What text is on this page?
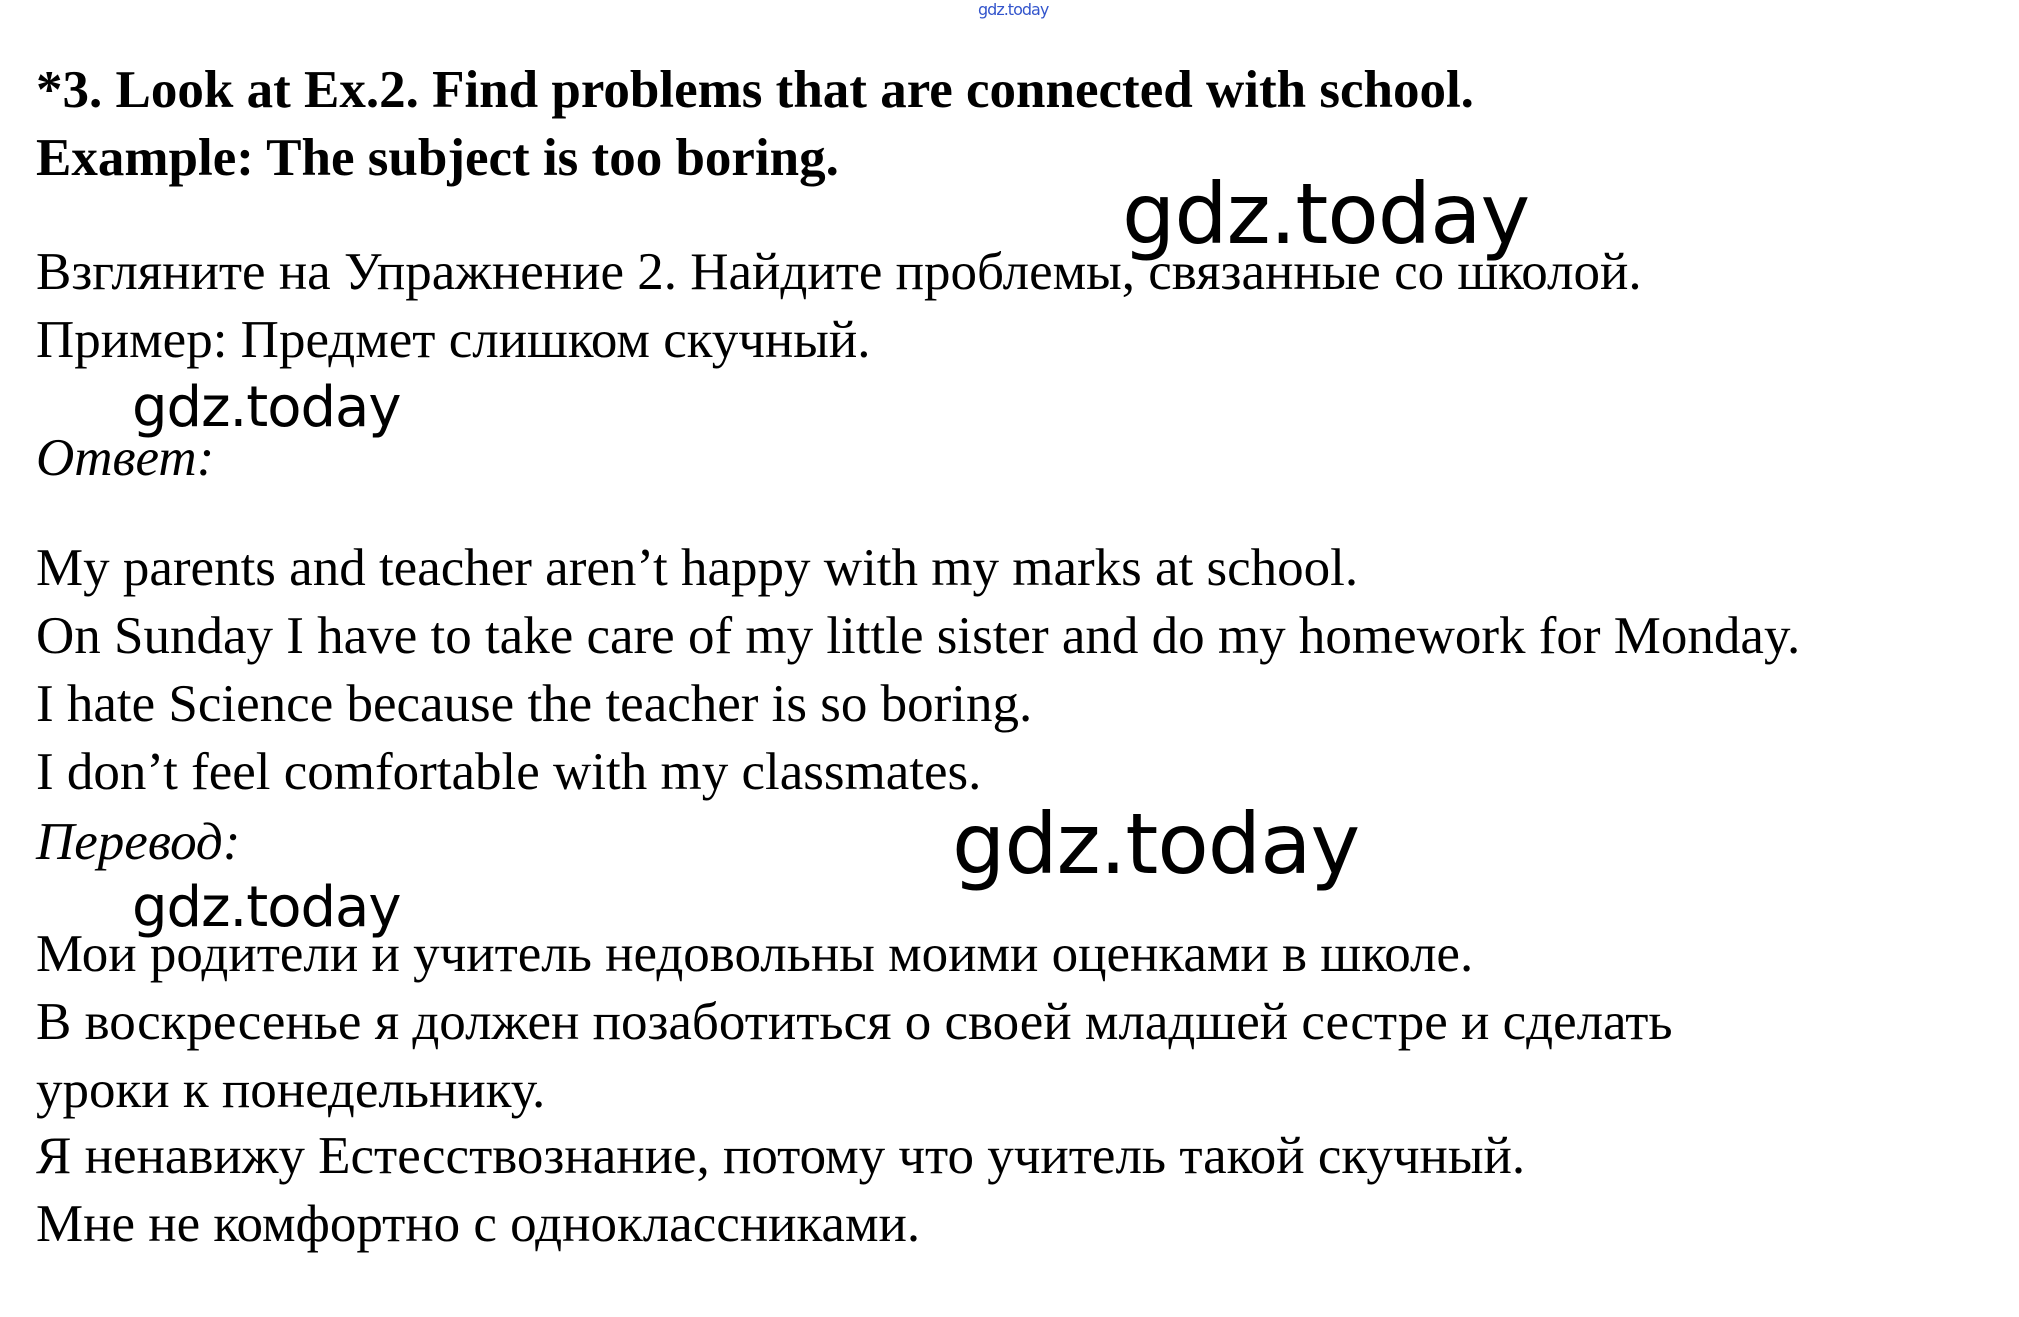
gdz.today
*3. Look at Ex.2. Find problems that are connected with school.
Example: The subject is too boring.
gdz.today
Взгляните на Упражнение 2. Найдите проблемы, связанные со школой.
Пример: Предмет слишком скучный.
gdz.today
Ответ:
My parents and teacher aren’t happy with my marks at school.
On Sunday I have to take care of my little sister and do my homework for Monday.
I hate Science because the teacher is so boring.
I don’t feel comfortable with my classmates.
gdz.today
Перевод:
gdz.today
Мои родители и учитель недовольны моими оценками в школе.
В воскресенье я должен позаботиться о своей младшей сестре и сделать
уроки к понедельнику.
Я ненавижу Естесствознание, потому что учитель такой скучный.
Мне не комфортно с одноклассниками.
